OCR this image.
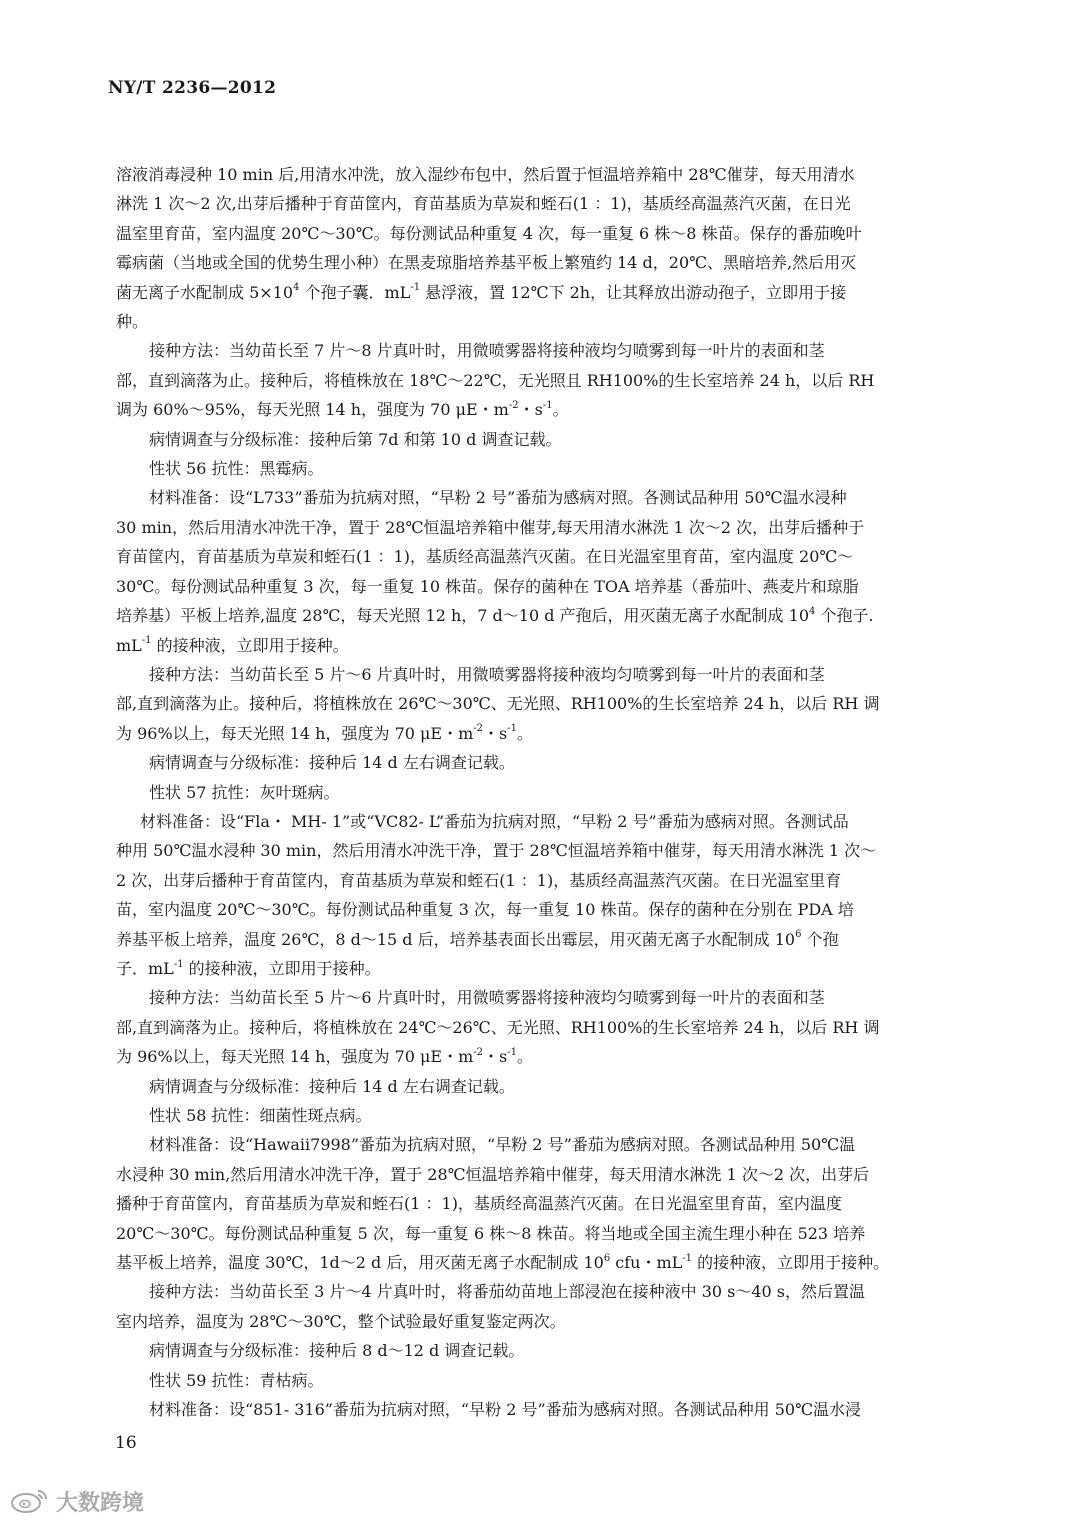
NY/T 2236—2012

溶液消毒浸种 10 min 后,用清水冲洗，放入湿纱布包中，然后置于恒温培养箱中 28℃催芽，每天用清水

淋洗 1 次～2 次,出芽后播种于育苗筐内，育苗基质为草炭和蛭石(1 ：1)，基质经高温蒸汽灭菌，在日光

温室里育苗，室内温度 20℃～30℃。每份测试品种重复 4 次，每一重复 6 株～8 株苗。保存的番茄晚叶

霉病菌（当地或全国的优势生理小种）在黑麦琼脂培养基平板上繁殖约 14 d，20℃、黑暗培养,然后用灭

菌无离子水配制成 $5\times 10^4$ 个孢子囊．$mL^{-1}$ 悬浮液，置 12℃下 2h，让其释放出游动孢子，立即用于接

种。

接种方法：当幼苗长至 7 片～8 片真叶时，用微喷雾器将接种液均匀喷雾到每一叶片的表面和茎

部，直到滴落为止。接种后，将植株放在 18℃～22℃，无光照且 RH100%的生长室培养 24 h，以后 RH

调为 60%～95%，每天光照 14 h，强度为 70 μE・$m^{-2}$・$s^{-1}$。

病情调查与分级标准：接种后第 7d 和第 10 d 调查记载。

性状 56 抗性：黑霉病。

材料准备：设“L733”番茄为抗病对照，“早粉 2 号”番茄为感病对照。各测试品种用 50℃温水浸种

30 min，然后用清水冲洗干净，置于 28℃恒温培养箱中催芽,每天用清水淋洗 1 次～2 次，出芽后播种于

育苗筐内，育苗基质为草炭和蛭石(1 ：1)，基质经高温蒸汽灭菌。在日光温室里育苗，室内温度 20℃～

30℃。每份测试品种重复 3 次，每一重复 10 株苗。保存的菌种在 TOA 培养基（番茄叶、燕麦片和琼脂

培养基）平板上培养,温度 28℃，每天光照 12 h，7 d～10 d 产孢后，用灭菌无离子水配制成 $10^4$ 个孢子.

$mL^{-1}$ 的接种液，立即用于接种。

接种方法：当幼苗长至 5 片～6 片真叶时，用微喷雾器将接种液均匀喷雾到每一叶片的表面和茎

部,直到滴落为止。接种后，将植株放在 26℃～30℃、无光照、RH100%的生长室培养 24 h，以后 RH 调

为 96%以上，每天光照 14 h，强度为 70 μE・$m^{-2}$・$s^{-1}$。

病情调查与分级标准：接种后 14 d 左右调查记载。

性状 57 抗性：灰叶斑病。

材料准备：设“Fla・ MH- 1”或“VC82- L”番茄为抗病对照，“早粉 2 号”番茄为感病对照。各测试品

种用 50℃温水浸种 30 min，然后用清水冲洗干净，置于 28℃恒温培养箱中催芽，每天用清水淋洗 1 次～

2 次，出芽后播种于育苗筐内，育苗基质为草炭和蛭石(1 ：1)，基质经高温蒸汽灭菌。在日光温室里育

苗，室内温度 20℃～30℃。每份测试品种重复 3 次，每一重复 10 株苗。保存的菌种在分别在 PDA 培

养基平板上培养，温度 26℃，8 d～15 d 后，培养基表面长出霉层，用灭菌无离子水配制成 $10^6$ 个孢

子．$mL^{-1}$ 的接种液，立即用于接种。

接种方法：当幼苗长至 5 片～6 片真叶时，用微喷雾器将接种液均匀喷雾到每一叶片的表面和茎

部,直到滴落为止。接种后，将植株放在 24℃～26℃、无光照、RH100%的生长室培养 24 h，以后 RH 调

为 96%以上，每天光照 14 h，强度为 70 μE・$m^{-2}$・$s^{-1}$。

病情调查与分级标准：接种后 14 d 左右调查记载。

性状 58 抗性：细菌性斑点病。

材料准备：设“Hawaii7998”番茄为抗病对照，“早粉 2 号”番茄为感病对照。各测试品种用 50℃温

水浸种 30 min,然后用清水冲洗干净，置于 28℃恒温培养箱中催芽，每天用清水淋洗 1 次～2 次，出芽后

播种于育苗筐内，育苗基质为草炭和蛭石(1 ：1)，基质经高温蒸汽灭菌。在日光温室里育苗，室内温度

20℃～30℃。每份测试品种重复 5 次，每一重复 6 株～8 株苗。将当地或全国主流生理小种在 523 培养

基平板上培养，温度 30℃，1d～2 d 后，用灭菌无离子水配制成 $10^6$ cfu・$mL^{-1}$ 的接种液，立即用于接种。

接种方法：当幼苗长至 3 片～4 片真叶时，将番茄幼苗地上部浸泡在接种液中 30 s～40 s，然后置温

室内培养，温度为 28℃～30℃，整个试验最好重复鉴定两次。

病情调查与分级标准：接种后 8 d～12 d 调查记载。

性状 59 抗性：青枯病。

材料准备：设“851- 316”番茄为抗病对照，“早粉 2 号”番茄为感病对照。各测试品种用 50℃温水浸

16
大数跨境
